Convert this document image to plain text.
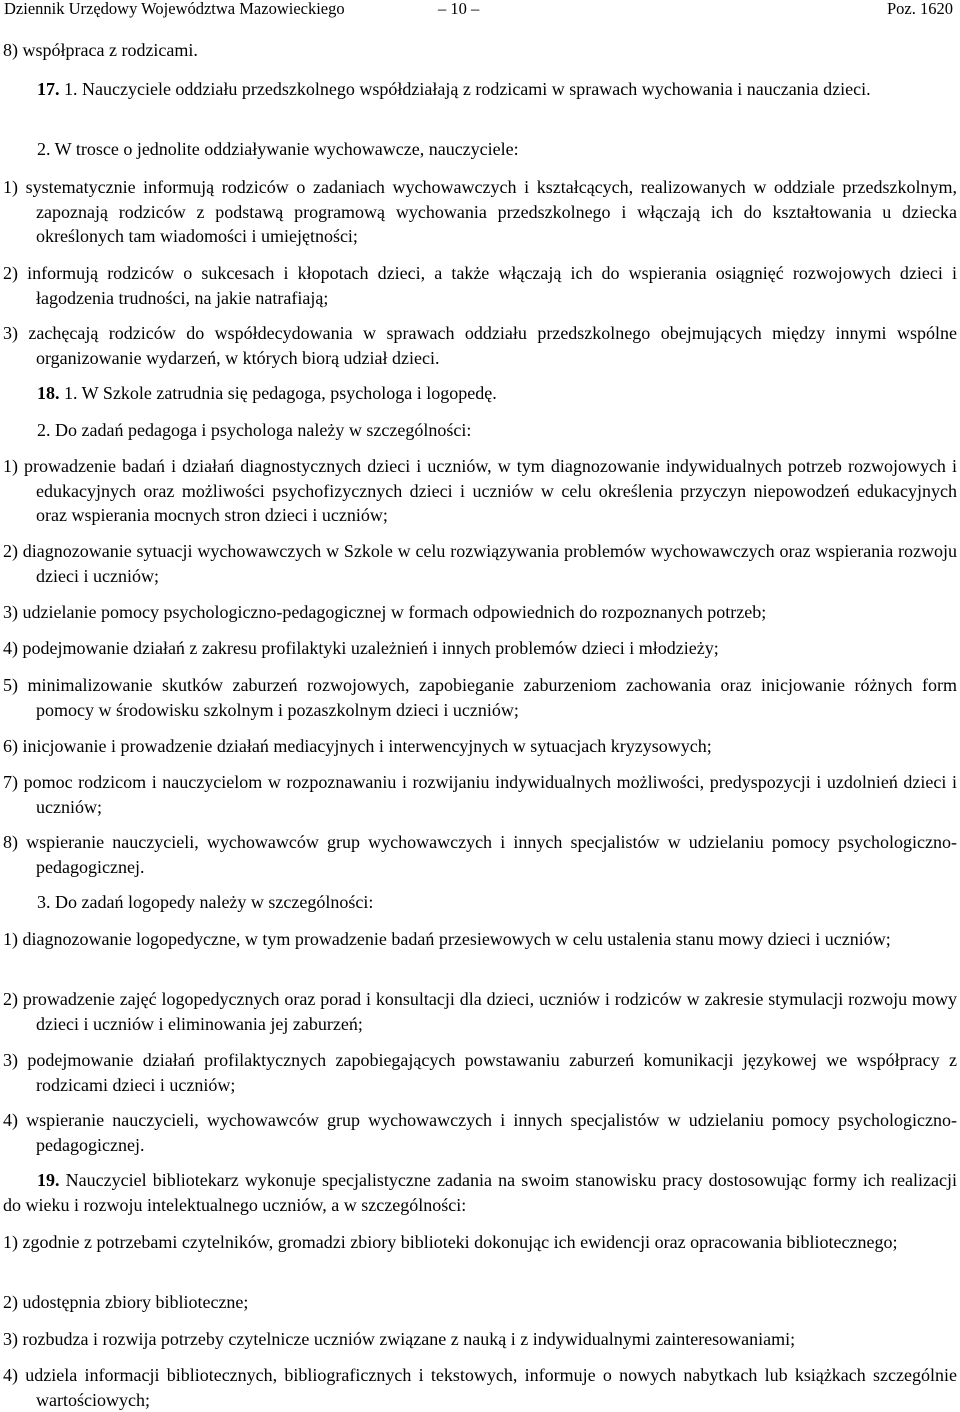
Dziennik Urzędowy Województwa Mazowieckiego	– 10 –	Poz. 1620

8) współpraca z rodzicami.

17. 1. Nauczyciele oddziału przedszkolnego współdziałają z rodzicami w sprawach wychowania i nauczania dzieci.

2. W trosce o jednolite oddziaływanie wychowawcze, nauczyciele:

1) systematycznie informują rodziców o zadaniach wychowawczych i kształcących, realizowanych w oddziale przedszkolnym, zapoznają rodziców z podstawą programową wychowania przedszkolnego i włączają ich do kształtowania u dziecka określonych tam wiadomości i umiejętności;

2) informują rodziców o sukcesach i kłopotach dzieci, a także włączają ich do wspierania osiągnięć rozwojowych dzieci i łagodzenia trudności, na jakie natrafiają;

3) zachęcają rodziców do współdecydowania w sprawach oddziału przedszkolnego obejmujących między innymi wspólne organizowanie wydarzeń, w których biorą udział dzieci.

18. 1. W Szkole zatrudnia się pedagoga, psychologa i logopedę.

2. Do zadań pedagoga i psychologa należy w szczególności:

1) prowadzenie badań i działań diagnostycznych dzieci i uczniów, w tym diagnozowanie indywidualnych potrzeb rozwojowych i edukacyjnych oraz możliwości psychofizycznych dzieci i uczniów w celu określenia przyczyn niepowodzeń edukacyjnych oraz wspierania mocnych stron dzieci i uczniów;

2) diagnozowanie sytuacji wychowawczych w Szkole w celu rozwiązywania problemów wychowawczych oraz wspierania rozwoju dzieci i uczniów;

3) udzielanie pomocy psychologiczno-pedagogicznej w formach odpowiednich do rozpoznanych potrzeb;

4) podejmowanie działań z zakresu profilaktyki uzależnień i innych problemów dzieci i młodzieży;

5) minimalizowanie skutków zaburzeń rozwojowych, zapobieganie zaburzeniom zachowania oraz inicjowanie różnych form pomocy w środowisku szkolnym i pozaszkolnym dzieci i uczniów;

6) inicjowanie i prowadzenie działań mediacyjnych i interwencyjnych w sytuacjach kryzysowych;

7) pomoc rodzicom i nauczycielom w rozpoznawaniu i rozwijaniu indywidualnych możliwości, predyspozycji i uzdolnień dzieci i uczniów;

8) wspieranie nauczycieli, wychowawców grup wychowawczych i innych specjalistów w udzielaniu pomocy psychologiczno-pedagogicznej.

3. Do zadań logopedy należy w szczególności:

1) diagnozowanie logopedyczne, w tym prowadzenie badań przesiewowych w celu ustalenia stanu mowy dzieci i uczniów;

2) prowadzenie zajęć logopedycznych oraz porad i konsultacji dla dzieci, uczniów i rodziców w zakresie stymulacji rozwoju mowy dzieci i uczniów i eliminowania jej zaburzeń;

3) podejmowanie działań profilaktycznych zapobiegających powstawaniu zaburzeń komunikacji językowej we współpracy z rodzicami dzieci i uczniów;

4) wspieranie nauczycieli, wychowawców grup wychowawczych i innych specjalistów w udzielaniu pomocy psychologiczno-pedagogicznej.

19. Nauczyciel bibliotekarz wykonuje specjalistyczne zadania na swoim stanowisku pracy dostosowując formy ich realizacji do wieku i rozwoju intelektualnego uczniów, a w szczególności:

1) zgodnie z potrzebami czytelników, gromadzi zbiory biblioteki dokonując ich ewidencji oraz opracowania bibliotecznego;

2) udostępnia zbiory biblioteczne;

3) rozbudza i rozwija potrzeby czytelnicze uczniów związane z nauką i z indywidualnymi zainteresowaniami;

4) udziela informacji bibliotecznych, bibliograficznych i tekstowych, informuje o nowych nabytkach lub książkach szczególnie wartościowych;
